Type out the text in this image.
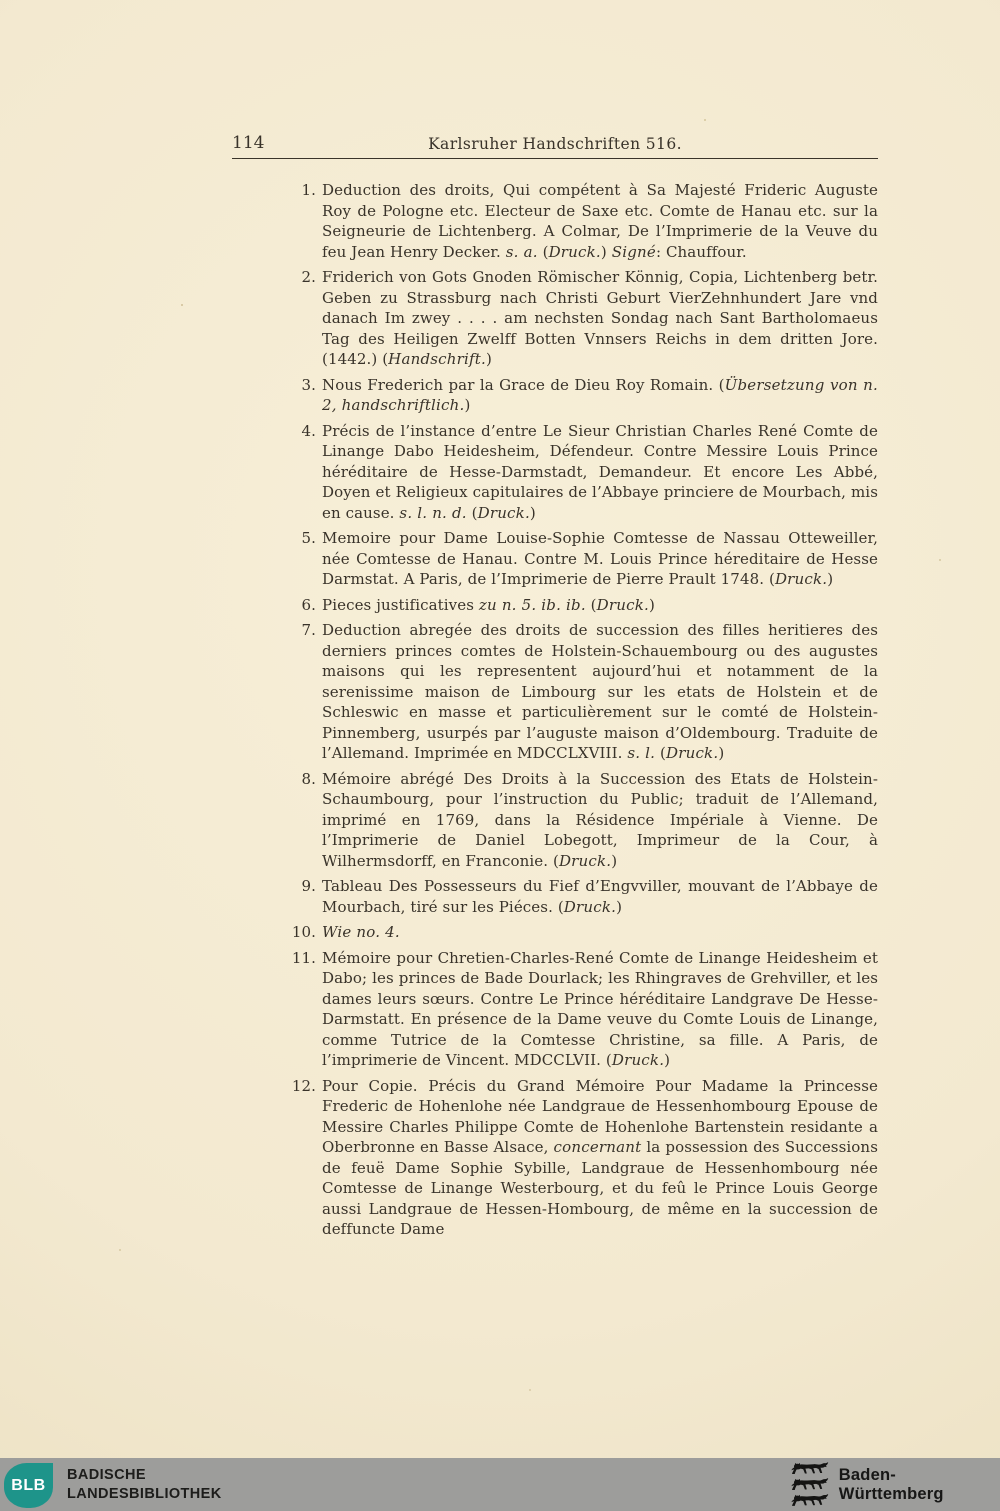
114	Karlsruher Handschriften 516.
1. Deduction des droits, Qui compétent à Sa Majesté Frideric Auguste Roy de Pologne etc. Electeur de Saxe etc. Comte de Hanau etc. sur la Seigneurie de Lichtenberg. A Colmar, De l’Imprimerie de la Veuve du feu Jean Henry Decker. s. a. (Druck.) Signé: Chauffour.
2. Friderich von Gots Gnoden Römischer Könnig, Copia, Lichtenberg betr. Geben zu Strassburg nach Christi Geburt VierZehnhundert Jare vnd danach Im zwey . . . . am nechsten Sondag nach Sant Bartholomaeus Tag des Heiligen Zwelff Botten Vnnsers Reichs in dem dritten Jore. (1442.) (Handschrift.)
3. Nous Frederich par la Grace de Dieu Roy Romain. (Übersetzung von n. 2, handschriftlich.)
4. Précis de l’instance d’entre Le Sieur Christian Charles René Comte de Linange Dabo Heidesheim, Défendeur. Contre Messire Louis Prince héréditaire de Hesse-Darmstadt, Demandeur. Et encore Les Abbé, Doyen et Religieux capitulaires de l’Abbaye princiere de Mourbach, mis en cause. s. l. n. d. (Druck.)
5. Memoire pour Dame Louise-Sophie Comtesse de Nassau Otteweiller, née Comtesse de Hanau. Contre M. Louis Prince héreditaire de Hesse Darmstat. A Paris, de l’Imprimerie de Pierre Prault 1748. (Druck.)
6. Pieces justificatives zu n. 5. ib. ib. (Druck.)
7. Deduction abregée des droits de succession des filles heritieres des derniers princes comtes de Holstein-Schauembourg ou des augustes maisons qui les representent aujourd’hui et notamment de la serenissime maison de Limbourg sur les etats de Holstein et de Schleswic en masse et particulièrement sur le comté de Holstein-Pinnemberg, usurpés par l’auguste maison d’Oldembourg. Traduite de l’Allemand. Imprimée en MDCCLXVIII. s. l. (Druck.)
8. Mémoire abrégé Des Droits à la Succession des Etats de Holstein-Schaumbourg, pour l’instruction du Public; traduit de l’Allemand, imprimé en 1769, dans la Résidence Impériale à Vienne. De l’Imprimerie de Daniel Lobegott, Imprimeur de la Cour, à Wilhermsdorff, en Franconie. (Druck.)
9. Tableau Des Possesseurs du Fief d’Engvviller, mouvant de l’Abbaye de Mourbach, tiré sur les Piéces. (Druck.)
10. Wie no. 4.
11. Mémoire pour Chretien-Charles-René Comte de Linange Heidesheim et Dabo; les princes de Bade Dourlack; les Rhingraves de Grehviller, et les dames leurs sœurs. Contre Le Prince héréditaire Landgrave De Hesse-Darmstatt. En présence de la Dame veuve du Comte Louis de Linange, comme Tutrice de la Comtesse Christine, sa fille. A Paris, de l’imprimerie de Vincent. MDCCLVII. (Druck.)
12. Pour Copie. Précis du Grand Mémoire Pour Madame la Princesse Frederic de Hohenlohe née Landgraue de Hessenhombourg Epouse de Messire Charles Philippe Comte de Hohenlohe Bartenstein residante a Oberbronne en Basse Alsace, concernant la possession des Successions de feuë Dame Sophie Sybille, Landgraue de Hessenhombourg née Comtesse de Linange Westerbourg, et du feû le Prince Louis George aussi Landgraue de Hessen-Hombourg, de même en la succession de deffuncte Dame
BLB
BADISCHE
LANDESBIBLIOTHEK
Baden-Württemberg
